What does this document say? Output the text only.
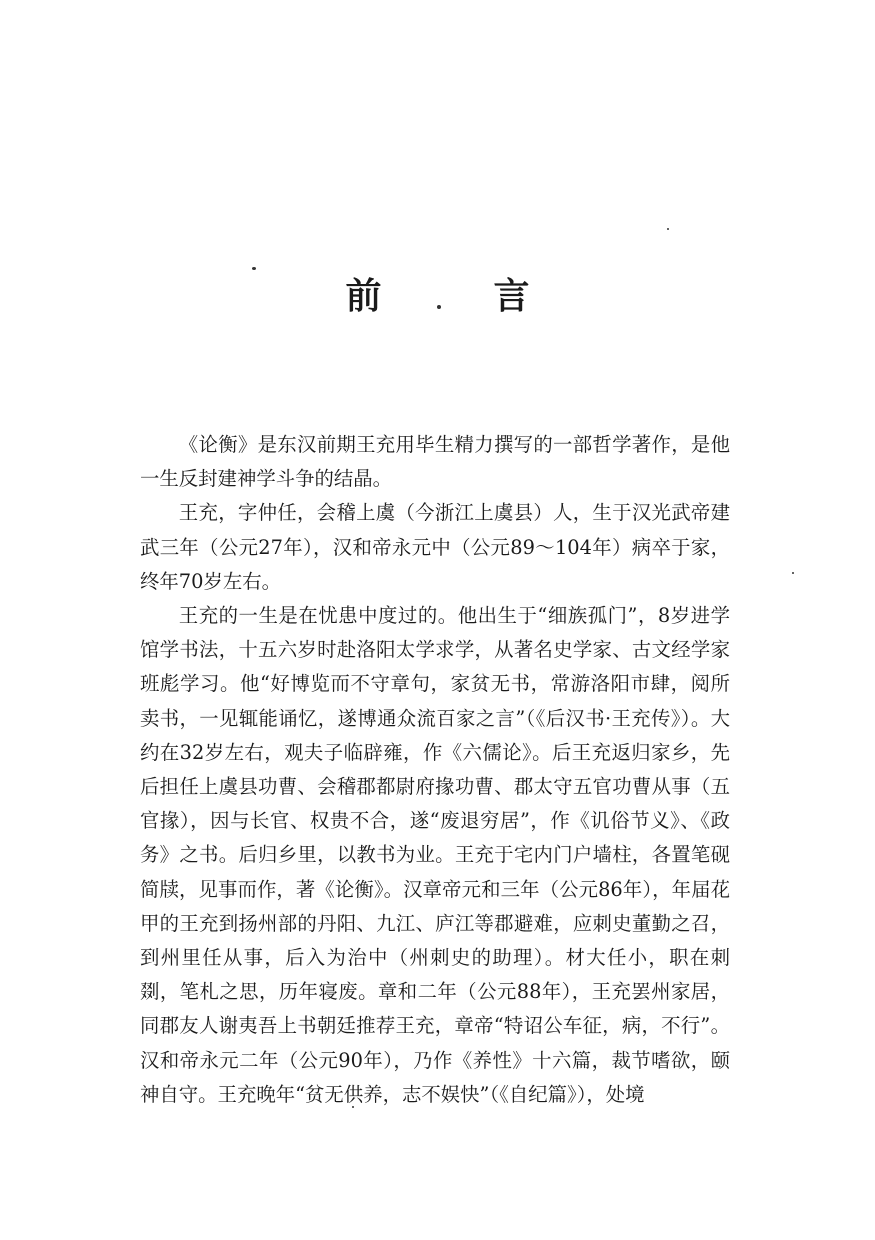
前	言

《论衡》是东汉前期王充用毕生精力撰写的一部哲学著作，是他一生反封建神学斗争的结晶。

王充，字仲任，会稽上虞（今浙江上虞县）人，生于汉光武帝建武三年（公元27年），汉和帝永元中（公元89～104年）病卒于家，终年70岁左右。

王充的一生是在忧患中度过的。他出生于“细族孤门”，8岁进学馆学书法，十五六岁时赴洛阳太学求学，从著名史学家、古文经学家班彪学习。他“好博览而不守章句，家贫无书，常游洛阳市肆，阅所卖书，一见辄能诵忆，遂博通众流百家之言”（《后汉书·王充传》）。大约在32岁左右，观夫子临辟雍，作《六儒论》。后王充返归家乡，先后担任上虞县功曹、会稽郡都尉府掾功曹、郡太守五官功曹从事（五官掾），因与长官、权贵不合，遂“废退穷居”，作《讥俗节义》、《政务》之书。后归乡里，以教书为业。王充于宅内门户墙柱，各置笔砚简牍，见事而作，著《论衡》。汉章帝元和三年（公元86年），年届花甲的王充到扬州部的丹阳、九江、庐江等郡避难，应刺史董勤之召，到州里任从事，后入为治中（州刺史的助理）。材大任小，职在刺剟，笔札之思，历年寝废。章和二年（公元88年），王充罢州家居，同郡友人谢夷吾上书朝廷推荐王充，章帝“特诏公车征，病，不行”。汉和帝永元二年（公元90年），乃作《养性》十六篇，裁节嗜欲，颐神自守。王充晚年“贫无供养，志不娱快”（《自纪篇》），处境
